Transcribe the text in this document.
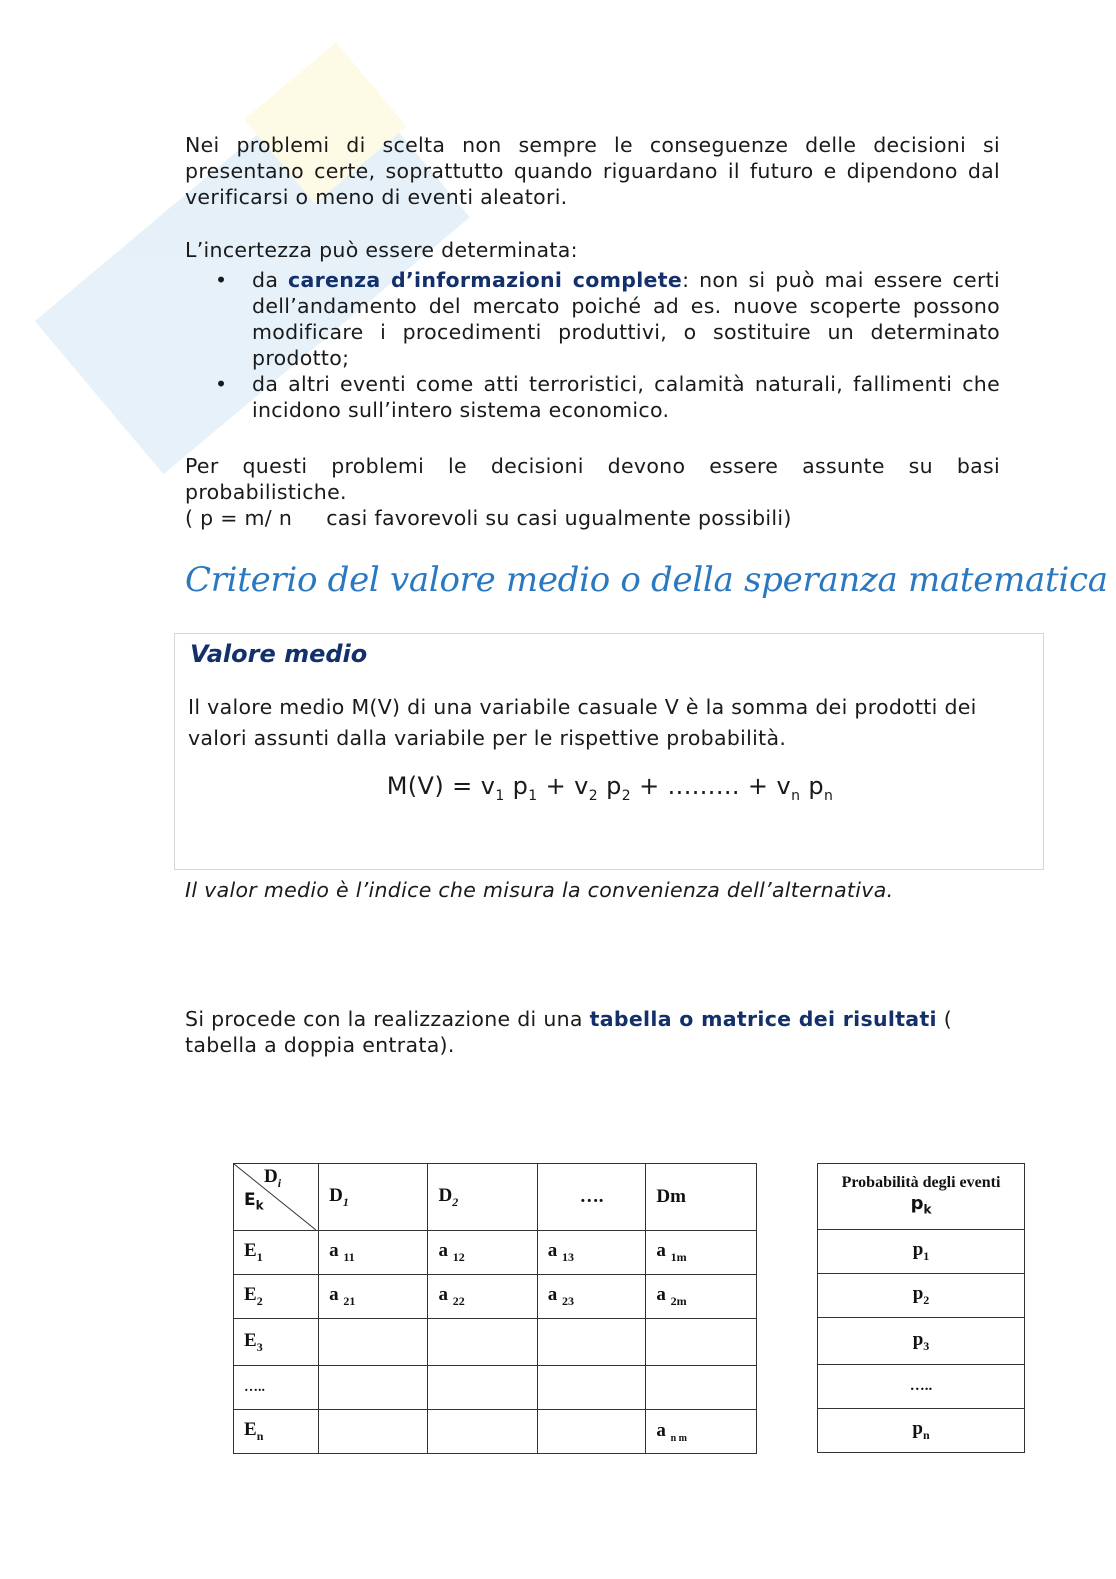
Nei problemi di scelta non sempre le conseguenze delle decisioni si presentano certe, soprattutto quando riguardano il futuro e dipendono dal verificarsi o meno di eventi aleatori.
L’incertezza può essere determinata:
• da carenza d’informazioni complete: non si può mai essere certi dell’andamento del mercato poiché ad es. nuove scoperte possono modificare i procedimenti produttivi, o sostituire un determinato prodotto;
• da altri eventi come atti terroristici, calamità naturali, fallimenti che incidono sull’intero sistema economico.
Per questi problemi le decisioni devono essere assunte su basi
probabilistiche.
( p = m/ n     casi favorevoli su casi ugualmente possibili)
Criterio del valore medio o della speranza matematica
Valore medio
Il valore medio M(V) di una variabile casuale V è la somma dei prodotti dei valori assunti dalla variabile per le rispettive probabilità.
$M(V) = v_1$ $p_1 + v_2$ $p_2$ + ......... + $v_n$ $p_n$
Il valor medio è l’indice che misura la convenienza dell’alternativa.
Si procede con la realizzazione di una tabella o matrice dei risultati ( tabella a doppia entrata).
$D_i$
$E_k$	$D_1$	$D_2$	….	Dm
$E_1$	a $_{11}$	a $_{12}$	a $_{13}$	a $_{1m}$
$E_2$	a $_{21}$	a $_{22}$	a $_{23}$	a $_{2m}$
$E_3$				
…..				
$E_n$				a $_{n m}$
Probabilità degli eventi
$p_k$

$p_1$
$p_2$
$p_3$
…..
$p_n$
